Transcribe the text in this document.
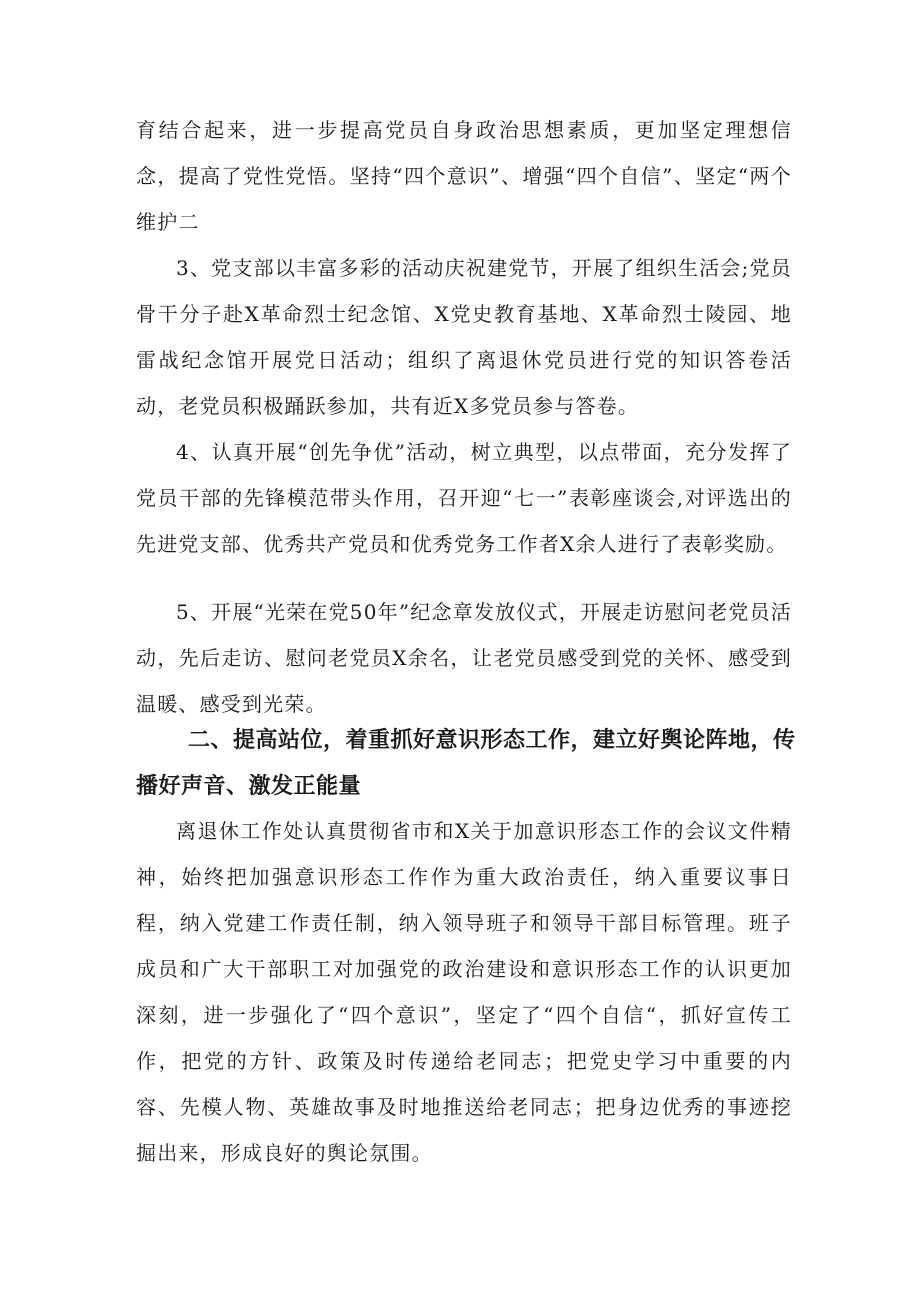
育结合起来，进一步提高党员自身政治思想素质，更加坚定理想信念，提高了党性党悟。坚持“四个意识”、增强“四个自信”、坚定“两个维护二

3、党支部以丰富多彩的活动庆祝建党节，开展了组织生活会;党员骨干分子赴X革命烈士纪念馆、X党史教育基地、X革命烈士陵园、地雷战纪念馆开展党日活动；组织了离退休党员进行党的知识答卷活动，老党员积极踊跃参加，共有近X多党员参与答卷。

4、认真开展“创先争优”活动，树立典型，以点带面，充分发挥了党员干部的先锋模范带头作用，召开迎“七一”表彰座谈会,对评选出的先进党支部、优秀共产党员和优秀党务工作者X余人进行了表彰奖励。

5、开展“光荣在党50年”纪念章发放仪式，开展走访慰问老党员活动，先后走访、慰问老党员X余名，让老党员感受到党的关怀、感受到温暖、感受到光荣。

二、提高站位，着重抓好意识形态工作，建立好舆论阵地，传播好声音、激发正能量

离退休工作处认真贯彻省市和X关于加意识形态工作的会议文件精神，始终把加强意识形态工作作为重大政治责任，纳入重要议事日程，纳入党建工作责任制，纳入领导班子和领导干部目标管理。班子成员和广大干部职工对加强党的政治建设和意识形态工作的认识更加深刻，进一步强化了“四个意识”，坚定了“四个自信“，抓好宣传工作，把党的方针、政策及时传递给老同志；把党史学习中重要的内容、先模人物、英雄故事及时地推送给老同志；把身边优秀的事迹挖掘出来，形成良好的舆论氛围。
